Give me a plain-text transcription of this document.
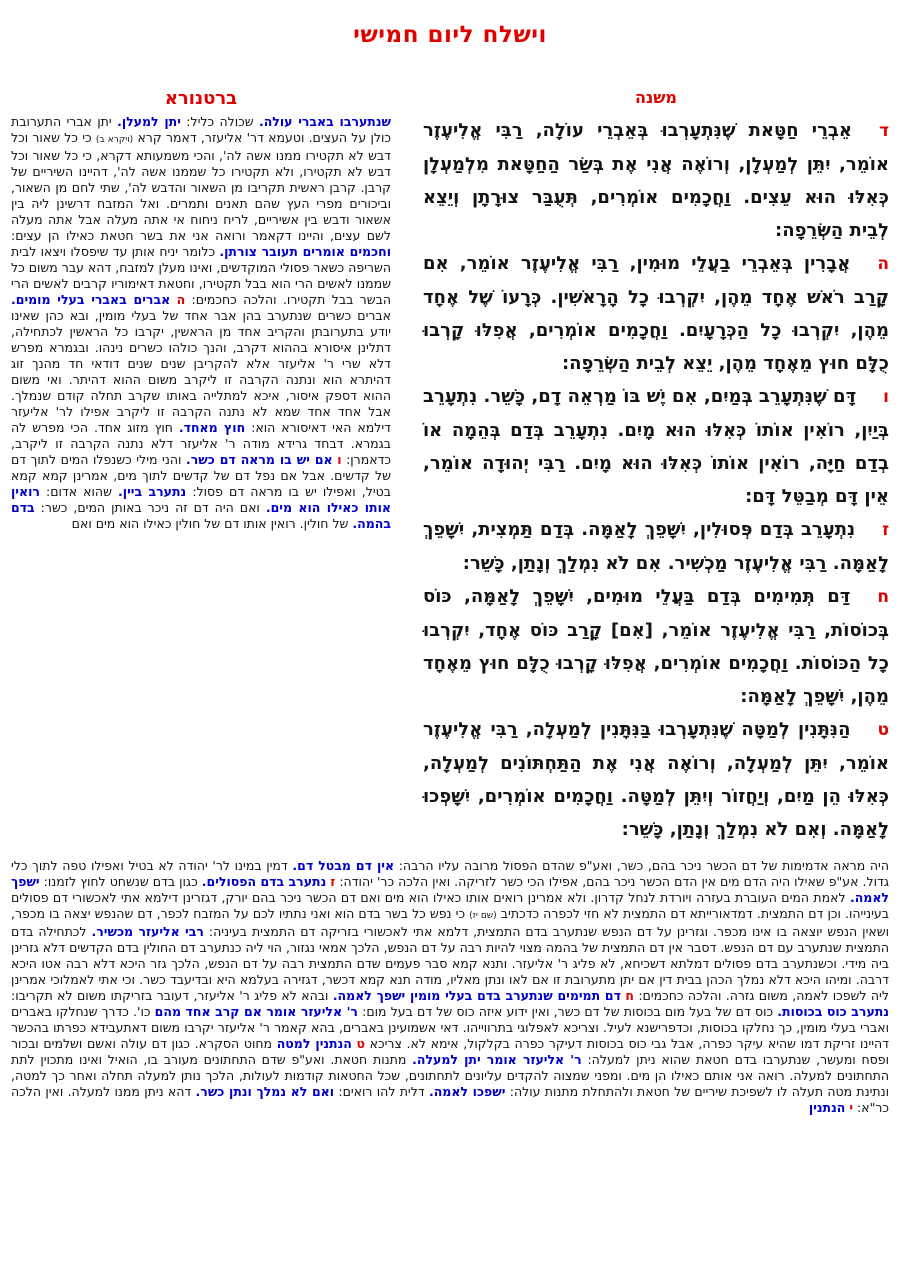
וישלח ליום חמישי
משנה

דאֵבְרֵי חַטָּאת שֶׁנִּתְעָרְבוּ בְּאֵבְרֵי עוֹלָה, רַבִּי אֱלִיעֶזֶר אוֹמֵר, יִתֵּן לְמַעְלָן, וְרוֹאֶה אֲנִי אֶת בְּשַׂר הַחַטָּאת מִלְמַעְלָן כְּאִלּוּ הוּא עֵצִים. וַחֲכָמִים אוֹמְרִים, תְּעֻבַּר צוּרָתָן וְיֵצֵא לְבֵית הַשְּׂרֵפָה:

האֲבָרִין בְּאֵבְרֵי בַעֲלֵי מוּמִין, רַבִּי אֱלִיעֶזֶר אוֹמֵר, אִם קָרַב רֹאשׁ אֶחָד מֵהֶן, יִקְרְבוּ כָל הָרָאשִׁין. כְּרָעוֹ שֶׁל אֶחָד מֵהֶן, יִקְרְבוּ כָל הַכְּרָעָיִם. וַחֲכָמִים אוֹמְרִים, אֲפִלּוּ קָרְבוּ כֻלָּם חוּץ מֵאֶחָד מֵהֶן, יֵצֵא לְבֵית הַשְּׂרֵפָה:

ודָּם שֶׁנִּתְעָרֵב בְּמַיִם, אִם יֶשׁ בּוֹ מַרְאֵה דָם, כָּשֵׁר. נִתְעָרֵב בְּיַיִן, רוֹאִין אוֹתוֹ כְּאִלּוּ הוּא מָיִם. נִתְעָרֵב בְּדַם בְּהֵמָה אוֹ בְדַם חַיָּה, רוֹאִין אוֹתוֹ כְּאִלּוּ הוּא מָיִם. רַבִּי יְהוּדָה אוֹמֵר, אֵין דָּם מְבַטֵּל דָּם:

זנִתְעָרֵב בְּדַם פְּסוּלִין, יִשָּׁפֵךְ לָאַמָּה. בְּדַם תַּמְצִית, יִשָּׁפֵךְ לָאַמָּה. רַבִּי אֱלִיעֶזֶר מַכְשִׁיר. אִם לֹא נִמְלַךְ וְנָתַן, כָּשֵׁר:

חדַּם תְּמִימִים בְּדַם בַּעֲלֵי מוּמִים, יִשָּׁפֵךְ לָאַמָּה, כּוֹס בְּכוֹסוֹת, רַבִּי אֱלִיעֶזֶר אוֹמֵר, [אִם] קָרַב כּוֹס אֶחָד, יִקְרְבוּ כָל הַכּוֹסוֹת. וַחֲכָמִים אוֹמְרִים, אֲפִלּוּ קָרְבוּ כֻלָּם חוּץ מֵאֶחָד מֵהֶן, יִשָּׁפֵךְ לָאַמָּה:

טהַנִּתָּנִין לְמַטָּה שֶׁנִּתְעָרְבוּ בַּנִּתָּנִין לְמַעְלָה, רַבִּי אֱלִיעֶזֶר אוֹמֵר, יִתֵּן לְמַעְלָה, וְרוֹאֶה אֲנִי אֶת הַתַּחְתּוֹנִים לְמַעְלָה, כְּאִלּוּ הֵן מַיִם, וְיַחֲזוֹר וְיִתֵּן לְמַטָּה. וַחֲכָמִים אוֹמְרִים, יִשָּׁפְכוּ לָאַמָּה. וְאִם לֹא נִמְלַךְ וְנָתַן, כָּשֵׁר:

ברטנורא
שנתערבו באברי עולה. שכולה כליל: יתן למעלן. יתן אברי התערובת כולן על העצים. וטעמא דר' אליעזר, דאמר קרא (ויקרא ב) כי כל שאור וכל דבש לא תקטירו ממנו אשה לה', והכי משמעותא דקרא, כי כל שאור וכל דבש לא תקטירו, ולא תקטירו כל שממנו אשה לה', דהיינו השיריים של קרבן. קרבן ראשית תקריבו מן השאור והדבש לה', שתי לחם מן השאור, וביכורים מפרי העץ שהם תאנים ותמרים. ואל המזבח דרשינן ליה בין אשאור ודבש בין אשיריים, לריח ניחוח אי אתה מעלה אבל אתה מעלה לשם עצים, והיינו דקאמר ורואה אני את בשר חטאת כאילו הן עצים: וחכמים אומרים תעובר צורתן. כלומר יניח אותן עד שיפסלו ויצאו לבית השריפה כשאר פסולי המוקדשים, ואינו מעלן למזבח, דהא עבר משום כל שממנו לאשים הרי הוא בבל תקטירו, וחטאת דאימוריו קרבים לאשים הרי הבשר בבל תקטירו. והלכה כחכמים: ה אברים באברי בעלי מומים. אברים כשרים שנתערב בהן אבר אחד של בעלי מומין, ובא כהן שאינו יודע בתערובתן והקריב אחד מן הראשין, יקרבו כל הראשין לכתחילה, דתלינן איסורא בההוא דקרב, והנך כולהו כשרים נינהו. ובגמרא מפרש דלא שרי ר' אליעזר אלא להקריבן שנים שנים דודאי חד מהנך זוג דהיתרא הוא ונתנה הקרבה זו ליקרב משום ההוא דהיתר. ואי משום ההוא דספק איסור, איכא למתלייה באותו שקרב תחלה קודם שנמלך. אבל אחד אחד שמא לא נתנה הקרבה זו ליקרב אפילו לר' אליעזר דילמא האי דאיסורא הוא: חוץ מאחד. חוץ מזוג אחד. הכי מפרש לה בגמרא. דבחד גרידא מודה ר' אליעזר דלא נתנה הקרבה זו ליקרב, כדאמרן: ו אם יש בו מראה דם כשר. והני מילי כשנפלו המים לתוך דם של קדשים. אבל אם נפל דם של קדשים לתוך מים, אמרינן קמא קמא בטיל, ואפילו יש בו מראה דם פסול: נתערב ביין. שהוא אדום: רואין אותו כאילו הוא מים. ואם היה דם זה ניכר באותן המים, כשר: בדם בהמה. של חולין. רואין אותו דם של חולין כאילו הוא מים ואם
היה מראה אדמימות של דם הכשר ניכר בהם, כשר, ואע"פ שהדם הפסול מרובה עליו הרבה: אין דם מבטל דם. דמין במינו לר' יהודה לא בטיל ואפילו טפה לתוך כלי גדול. אע"פ שאילו היה הדם מים אין הדם הכשר ניכר בהם, אפילו הכי כשר לזריקה. ואין הלכה כר' יהודה: ז נתערב בדם הפסולים. כגון בדם שנשחט לחוץ לזמנו: ישפך לאמה. לאמת המים העוברת בעזרה ויורדת לנחל קדרון. ולא אמרינן רואים אותו כאילו הוא מים ואם דם הכשר ניכר בהם יורק, דגזרינן דילמא אתי לאכשורי דם פסולים בעינייהו. וכן דם התמצית. דמדאורייתא דם התמצית לא חזי לכפרה כדכתיב (שם יז) כי נפש כל בשר בדם הוא ואני נתתיו לכם על המזבח לכפר, דם שהנפש יצאה בו מכפר, ושאין הנפש יוצאה בו אינו מכפר. וגזרינן על דם הנפש שנתערב בדם התמצית, דלמא אתי לאכשורי בזריקה דם התמצית בעיניה: רבי אליעזר מכשיר. לכתחילה בדם התמצית שנתערב עם דם הנפש. דסבר אין דם התמצית של בהמה מצוי להיות רבה על דם הנפש, הלכך אמאי נגזור, הוי ליה כנתערב דם החולין בדם הקדשים דלא גזרינן ביה מידי. וכשנתערב בדם פסולים דמלתא דשכיחא, לא פליג ר' אליעזר. ותנא קמא סבר פעמים שדם התמצית רבה על דם הנפש, הלכך גזר היכא דלא רבה אטו היכא דרבה. ומיהו היכא דלא נמלך הכהן בבית דין אם יתן מתערובת זו אם לאו ונתן מאליו, מודה תנא קמא דכשר, דגזירה בעלמא היא ובדיעבד כשר. וכי אתי לאמלוכי אמרינן ליה לשפכו לאמה, משום גזרה. והלכה כחכמים: ח דם תמימים שנתערב בדם בעלי מומין ישפך לאמה. ובהא לא פליג ר' אליעזר, דעובר בזריקתו משום לא תקריבו: נתערב כוס בכוסות. כוס דם של בעל מום בכוסות של דם כשר, ואין ידוע איזה כוס של דם בעל מום: ר' אליעזר אומר אם קרב אחד מהם כו'. כדרך שנחלקו באברים ואברי בעלי מומין, כך נחלקו בכוסות, וכדפרישנא לעיל. וצריכא לאפלוגי בתרווייהו. דאי אשמועינן באברים, בהא קאמר ר' אליעזר יקרבו משום דאתעבידא כפרתו בהכשר דהיינו זריקת דמו שהיא עיקר כפרה, אבל גבי כוס בכוסות דעיקר כפרה בקלקול, אימא לא. צריכא ט הנתנין למטה מחוט הסקרא. כגון דם עולה ואשם ושלמים ובכור ופסח ומעשר, שנתערבו בדם חטאת שהוא ניתן למעלה: ר' אליעזר אומר יתן למעלה. מתנות חטאת. ואע"פ שדם התחתונים מעורב בו, הואיל ואינו מתכוין לתת התחתונים למעלה. רואה אני אותם כאילו הן מים. ומפני שמצוה להקדים עליונים לתחתונים, שכל החטאות קודמות לעולות, הלכך נותן למעלה תחלה ואחר כך למטה, ונתינת מטה תעלה לו לשפיכת שיריים של חטאת ולהתחלת מתנות עולה: ישפכו לאמה. דלית להו רואים: ואם לא נמלך ונתן כשר. דהא ניתן ממנו למעלה. ואין הלכה כר"א: י הנתנין
